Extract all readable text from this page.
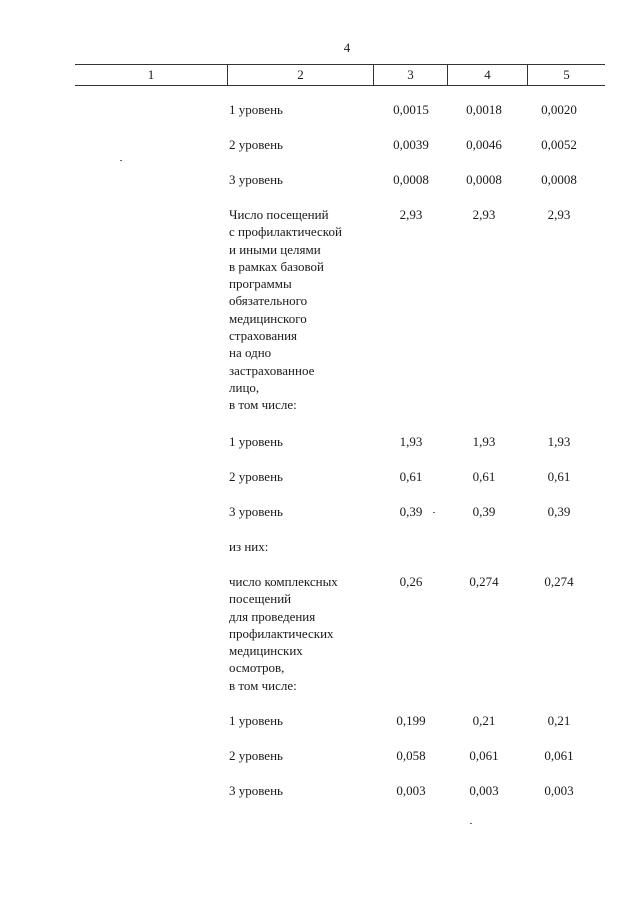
4
1	2	3	4	5
1 уровень	0,0015	0,0018	0,0020
2 уровень	0,0039	0,0046	0,0052
3 уровень	0,0008	0,0008	0,0008
Число посещений
с профилактической
и иными целями
в рамках базовой
программы
обязательного
медицинского
страхования
на одно
застрахованное
лицо,
в том числе:
2,93	2,93	2,93
1 уровень	1,93	1,93	1,93
2 уровень	0,61	0,61	0,61
3 уровень	0,39	0,39	0,39
из них:
число комплексных
посещений
для проведения
профилактических
медицинских
осмотров,
в том числе:
0,26	0,274	0,274
1 уровень	0,199	0,21	0,21
2 уровень	0,058	0,061	0,061
3 уровень	0,003	0,003	0,003
